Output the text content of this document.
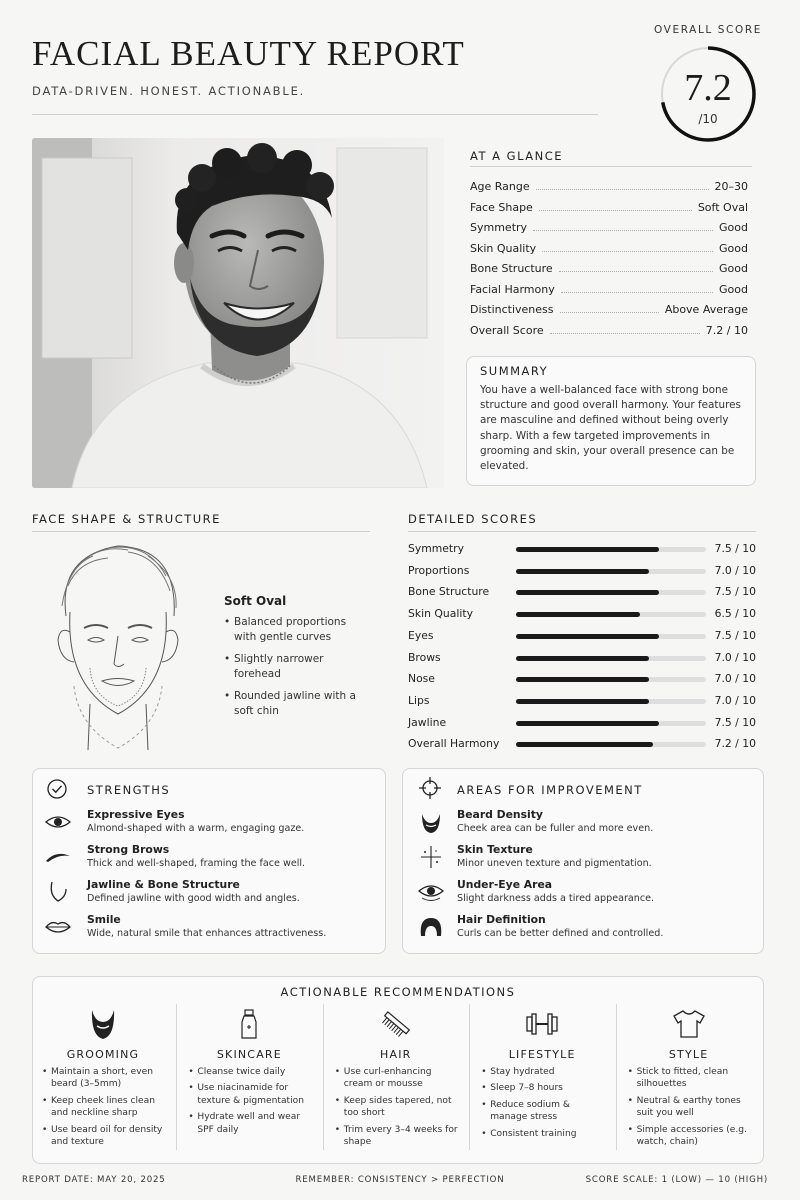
FACIAL BEAUTY REPORT
DATA-DRIVEN. HONEST. ACTIONABLE.
OVERALL SCORE
7.2
/10
AT A GLANCE
Age Range	20–30
Face Shape	Soft Oval
Symmetry	Good
Skin Quality	Good
Bone Structure	Good
Facial Harmony	Good
Distinctiveness	Above Average
Overall Score	7.2 / 10
SUMMARY
You have a well-balanced face with strong bone structure and good overall harmony. Your features are masculine and defined without being overly sharp. With a few targeted improvements in grooming and skin, your overall presence can be elevated.
FACE SHAPE & STRUCTURE
Soft Oval
• Balanced proportions with gentle curves
• Slightly narrower forehead
• Rounded jawline with a soft chin
DETAILED SCORES
Symmetry	7.5 / 10
Proportions	7.0 / 10
Bone Structure	7.5 / 10
Skin Quality	6.5 / 10
Eyes	7.5 / 10
Brows	7.0 / 10
Nose	7.0 / 10
Lips	7.0 / 10
Jawline	7.5 / 10
Overall Harmony	7.2 / 10
STRENGTHS
Expressive Eyes
Almond-shaped with a warm, engaging gaze.
Strong Brows
Thick and well-shaped, framing the face well.
Jawline & Bone Structure
Defined jawline with good width and angles.
Smile
Wide, natural smile that enhances attractiveness.
AREAS FOR IMPROVEMENT
Beard Density
Cheek area can be fuller and more even.
Skin Texture
Minor uneven texture and pigmentation.
Under-Eye Area
Slight darkness adds a tired appearance.
Hair Definition
Curls can be better defined and controlled.
ACTIONABLE RECOMMENDATIONS
GROOMING
• Maintain a short, even beard (3–5mm)
• Keep cheek lines clean and neckline sharp
• Use beard oil for density and texture
SKINCARE
• Cleanse twice daily
• Use niacinamide for texture & pigmentation
• Hydrate well and wear SPF daily
HAIR
• Use curl-enhancing cream or mousse
• Keep sides tapered, not too short
• Trim every 3–4 weeks for shape
LIFESTYLE
• Stay hydrated
• Sleep 7–8 hours
• Reduce sodium & manage stress
• Consistent training
STYLE
• Stick to fitted, clean silhouettes
• Neutral & earthy tones suit you well
• Simple accessories (e.g. watch, chain)
REPORT DATE: MAY 20, 2025	REMEMBER: CONSISTENCY > PERFECTION	SCORE SCALE: 1 (LOW) — 10 (HIGH)
